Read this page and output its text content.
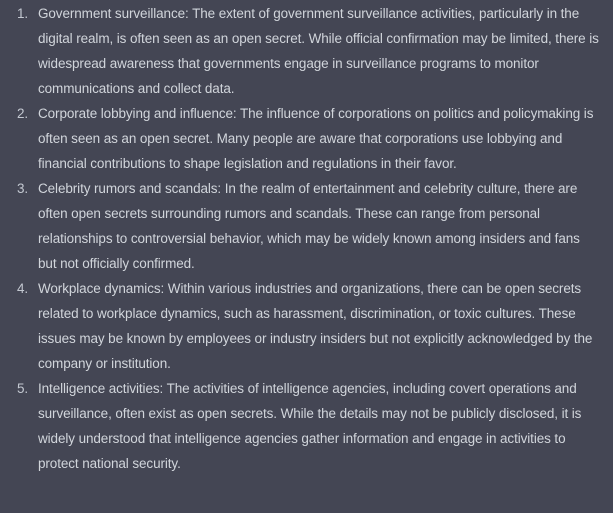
1. Government surveillance: The extent of government surveillance activities, particularly in the digital realm, is often seen as an open secret. While official confirmation may be limited, there is widespread awareness that governments engage in surveillance programs to monitor communications and collect data.
2. Corporate lobbying and influence: The influence of corporations on politics and policymaking is often seen as an open secret. Many people are aware that corporations use lobbying and financial contributions to shape legislation and regulations in their favor.
3. Celebrity rumors and scandals: In the realm of entertainment and celebrity culture, there are often open secrets surrounding rumors and scandals. These can range from personal relationships to controversial behavior, which may be widely known among insiders and fans but not officially confirmed.
4. Workplace dynamics: Within various industries and organizations, there can be open secrets related to workplace dynamics, such as harassment, discrimination, or toxic cultures. These issues may be known by employees or industry insiders but not explicitly acknowledged by the company or institution.
5. Intelligence activities: The activities of intelligence agencies, including covert operations and surveillance, often exist as open secrets. While the details may not be publicly disclosed, it is widely understood that intelligence agencies gather information and engage in activities to protect national security.
